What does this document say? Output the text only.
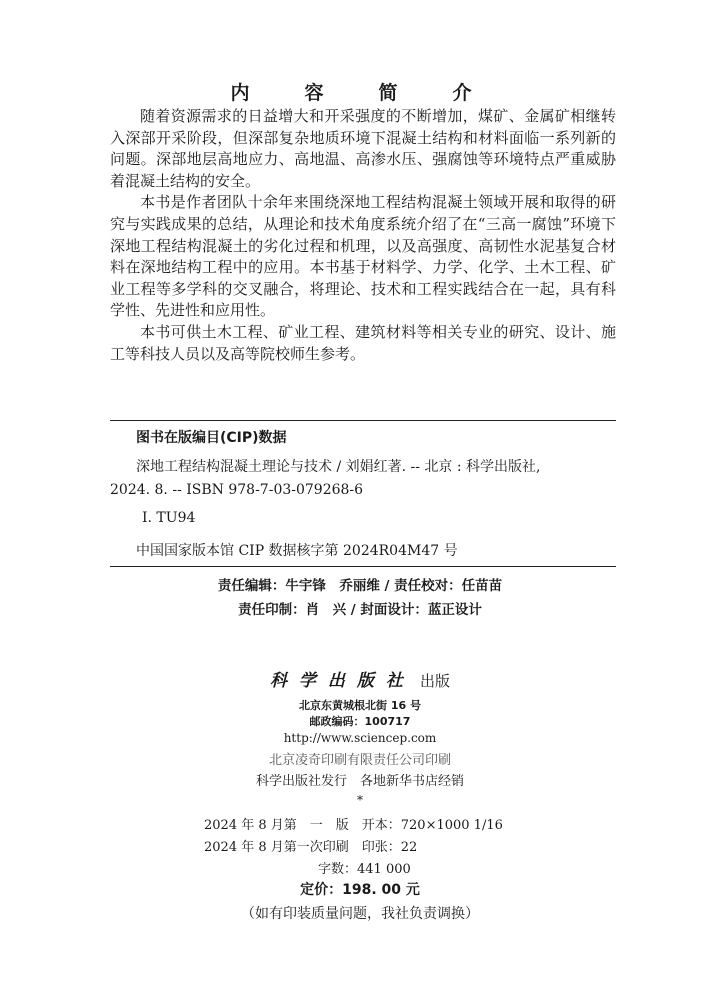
内　容　简　介

随着资源需求的日益增大和开采强度的不断增加，煤矿、金属矿相继转入深部开采阶段，但深部复杂地质环境下混凝土结构和材料面临一系列新的问题。深部地层高地应力、高地温、高渗水压、强腐蚀等环境特点严重威胁着混凝土结构的安全。

本书是作者团队十余年来围绕深地工程结构混凝土领域开展和取得的研究与实践成果的总结，从理论和技术角度系统介绍了在“三高一腐蚀”环境下深地工程结构混凝土的劣化过程和机理，以及高强度、高韧性水泥基复合材料在深地结构工程中的应用。本书基于材料学、力学、化学、土木工程、矿业工程等多学科的交叉融合，将理论、技术和工程实践结合在一起，具有科学性、先进性和应用性。

本书可供土木工程、矿业工程、建筑材料等相关专业的研究、设计、施工等科技人员以及高等院校师生参考。

图书在版编目(CIP)数据
深地工程结构混凝土理论与技术 / 刘娟红著. -- 北京 : 科学出版社,
2024. 8. -- ISBN 978-7-03-079268-6
Ⅰ. TU94
中国国家版本馆 CIP 数据核字第 2024R04M47 号
责任编辑：牛宇锋　乔丽维 / 责任校对：任苗苗
责任印制：肖　兴 / 封面设计：蓝正设计
科学出版社 出版
北京东黄城根北街 16 号
邮政编码：100717
http://www.sciencep.com
北京凌奇印刷有限责任公司印刷
科学出版社发行　各地新华书店经销
*
2024 年 8 月第　一　版　开本：720×1000 1/16
2024 年 8 月第一次印刷　印张：22
字数：441 000
定价：198. 00 元
（如有印装质量问题，我社负责调换）
